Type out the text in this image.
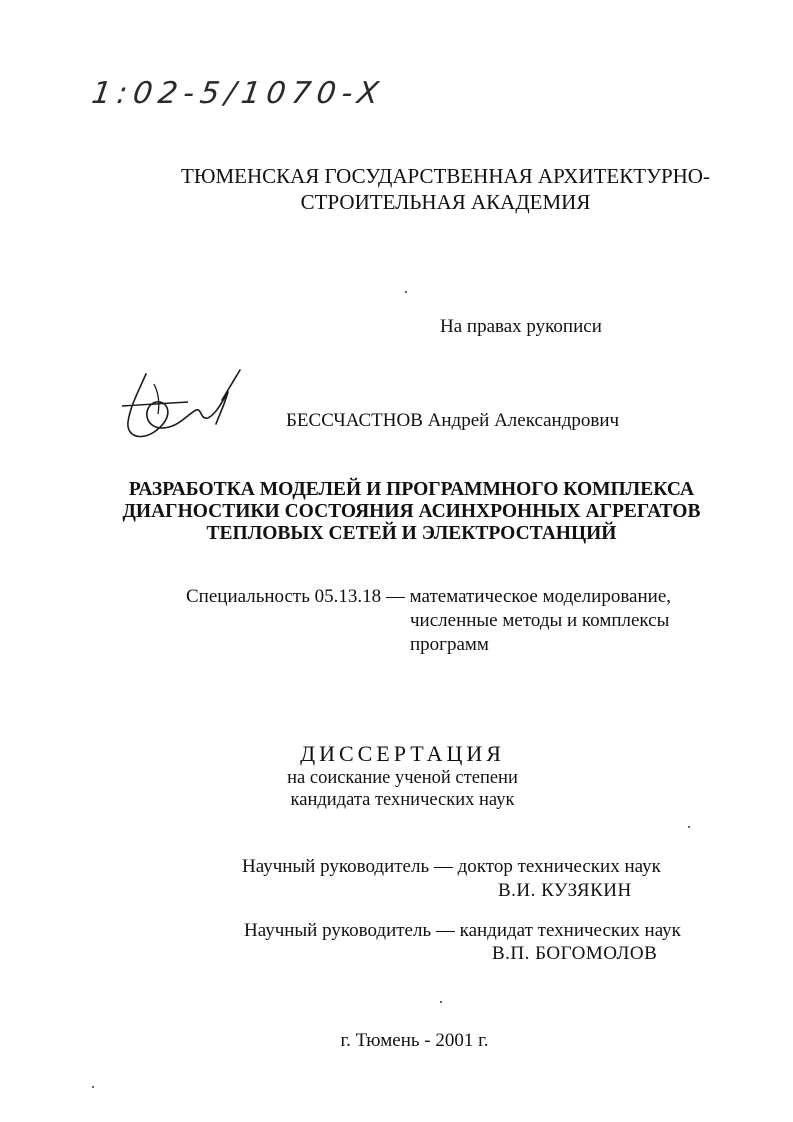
1:02-5/1070-X
ТЮМЕНСКАЯ ГОСУДАРСТВЕННАЯ АРХИТЕКТУРНО-
СТРОИТЕЛЬНАЯ АКАДЕМИЯ
На правах рукописи
БЕССЧАСТНОВ Андрей Александрович
РАЗРАБОТКА МОДЕЛЕЙ И ПРОГРАММНОГО КОМПЛЕКСА
ДИАГНОСТИКИ СОСТОЯНИЯ АСИНХРОННЫХ АГРЕГАТОВ
ТЕПЛОВЫХ СЕТЕЙ И ЭЛЕКТРОСТАНЦИЙ
Специальность 05.13.18 — математическое моделирование,
численные методы и комплексы
программ
ДИССЕРТАЦИЯ
на соискание ученой степени
кандидата технических наук
Научный руководитель — доктор технических наук
В.И. КУЗЯКИН
Научный руководитель — кандидат технических наук
В.П. БОГОМОЛОВ
г. Тюмень - 2001 г.
